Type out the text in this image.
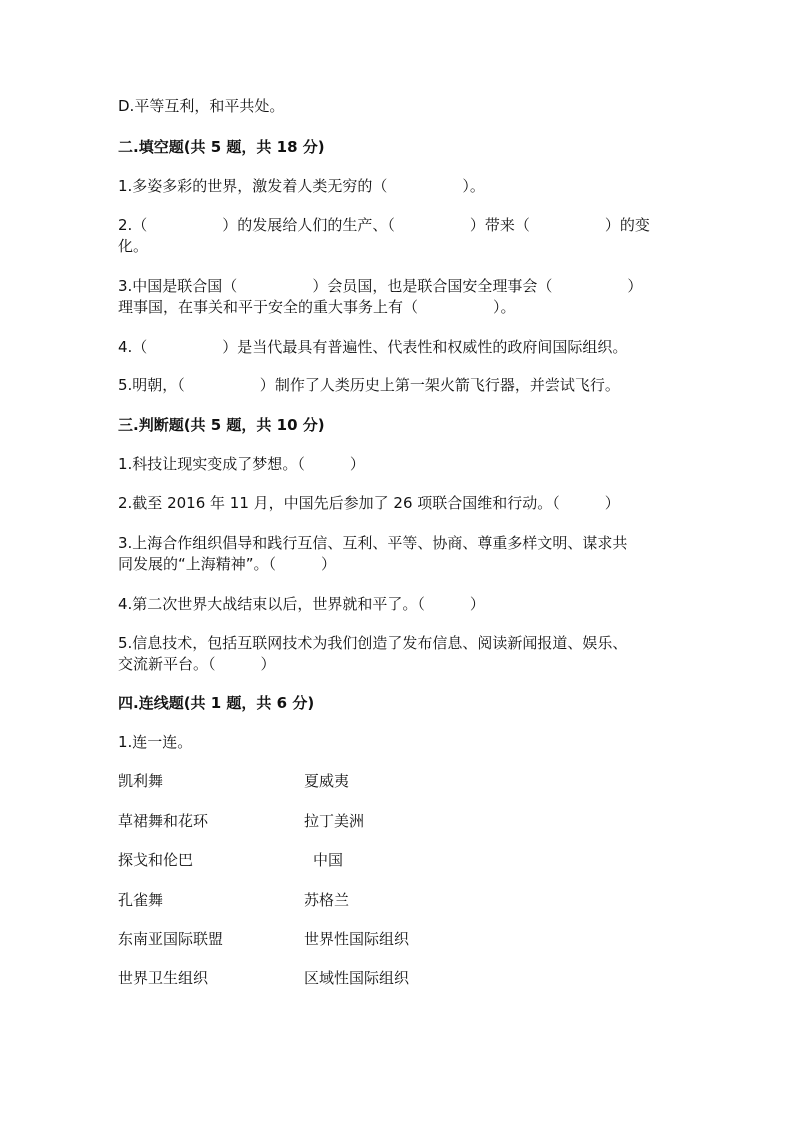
D.平等互利，和平共处。
二.填空题(共 5 题，共 18 分)
1.多姿多彩的世界，激发着人类无穷的（　　　　　）。
2.（　　　　　）的发展给人们的生产、（　　　　　）带来（　　　　　）的变
化。
3.中国是联合国（　　　　　）会员国，也是联合国安全理事会（　　　　　）
理事国，在事关和平于安全的重大事务上有（　　　　　）。
4.（　　　　　）是当代最具有普遍性、代表性和权威性的政府间国际组织。
5.明朝，（　　　　　）制作了人类历史上第一架火箭飞行器，并尝试飞行。
三.判断题(共 5 题，共 10 分)
1.科技让现实变成了梦想。（　　　）
2.截至 2016 年 11 月，中国先后参加了 26 项联合国维和行动。（　　　）
3.上海合作组织倡导和践行互信、互利、平等、协商、尊重多样文明、谋求共
同发展的“上海精神”。（　　　）
4.第二次世界大战结束以后，世界就和平了。（　　　）
5.信息技术，包括互联网技术为我们创造了发布信息、阅读新闻报道、娱乐、
交流新平台。（　　　）
四.连线题(共 1 题，共 6 分)
1.连一连。
凯利舞	夏威夷
草裙舞和花环	拉丁美洲
探戈和伦巴	中国
孔雀舞	苏格兰
东南亚国际联盟	世界性国际组织
世界卫生组织	区域性国际组织
